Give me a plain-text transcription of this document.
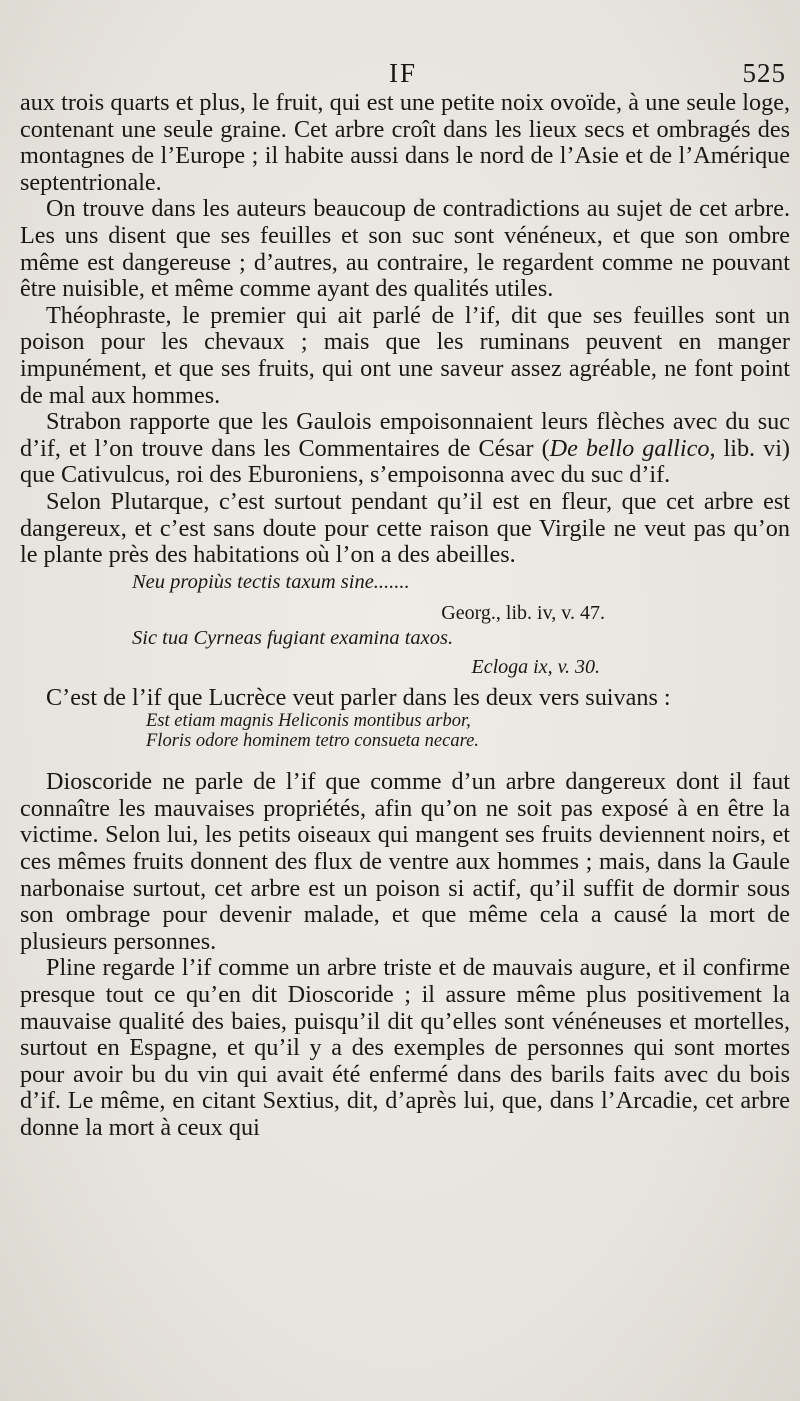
IF	525

aux trois quarts et plus, le fruit, qui est une petite noix ovoïde, à une seule loge, contenant une seule graine. Cet arbre croît dans les lieux secs et ombragés des montagnes de l’Europe ; il habite aussi dans le nord de l’Asie et de l’Amérique septentrionale.

On trouve dans les auteurs beaucoup de contradictions au sujet de cet arbre. Les uns disent que ses feuilles et son suc sont vénéneux, et que son ombre même est dangereuse ; d’autres, au contraire, le regardent comme ne pouvant être nuisible, et même comme ayant des qualités utiles.

Théophraste, le premier qui ait parlé de l’if, dit que ses feuilles sont un poison pour les chevaux ; mais que les ruminans peuvent en manger impunément, et que ses fruits, qui ont une saveur assez agréable, ne font point de mal aux hommes.

Strabon rapporte que les Gaulois empoisonnaient leurs flèches avec du suc d’if, et l’on trouve dans les Commentaires de César (De bello gallico, lib. vi) que Cativulcus, roi des Eburoniens, s’empoisonna avec du suc d’if.

Selon Plutarque, c’est surtout pendant qu’il est en fleur, que cet arbre est dangereux, et c’est sans doute pour cette raison que Virgile ne veut pas qu’on le plante près des habitations où l’on a des abeilles.

Neu propiùs tectis taxum sine.......
Georg., lib. iv, v. 47.
Sic tua Cyrneas fugiant examina taxos.
Ecloga ix, v. 30.

C’est de l’if que Lucrèce veut parler dans les deux vers suivans :

Est etiam magnis Heliconis montibus arbor,
Floris odore hominem tetro consueta necare.

Dioscoride ne parle de l’if que comme d’un arbre dangereux dont il faut connaître les mauvaises propriétés, afin qu’on ne soit pas exposé à en être la victime. Selon lui, les petits oiseaux qui mangent ses fruits deviennent noirs, et ces mêmes fruits donnent des flux de ventre aux hommes ; mais, dans la Gaule narbonaise surtout, cet arbre est un poison si actif, qu’il suffit de dormir sous son ombrage pour devenir malade, et que même cela a causé la mort de plusieurs personnes.

Pline regarde l’if comme un arbre triste et de mauvais augure, et il confirme presque tout ce qu’en dit Dioscoride ; il assure même plus positivement la mauvaise qualité des baies, puisqu’il dit qu’elles sont vénéneuses et mortelles, surtout en Espagne, et qu’il y a des exemples de personnes qui sont mortes pour avoir bu du vin qui avait été enfermé dans des barils faits avec du bois d’if. Le même, en citant Sextius, dit, d’après lui, que, dans l’Arcadie, cet arbre donne la mort à ceux qui
